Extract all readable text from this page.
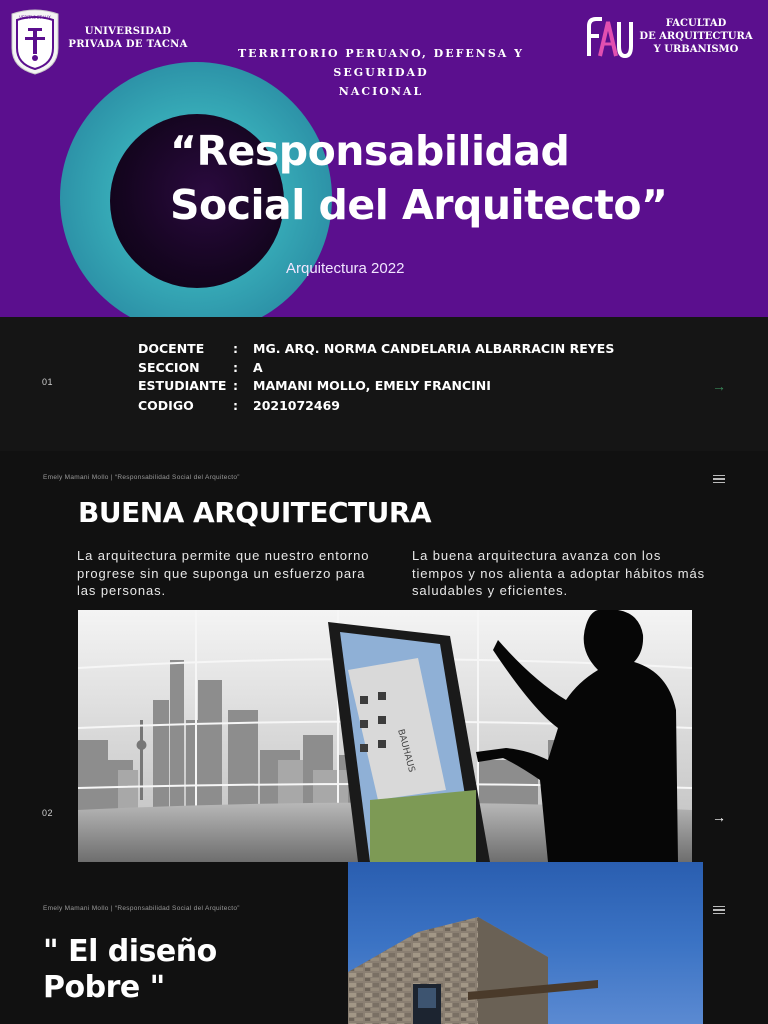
VERITAS ET LUX
UNIVERSIDAD
PRIVADA DE TACNA
TERRITORIO PERUANO, DEFENSA Y SEGURIDAD
NACIONAL
FACULTAD
DE ARQUITECTURA
Y URBANISMO
“Responsabilidad
Social del Arquitecto”
Arquitectura 2022
01
DOCENTE : MG. ARQ. NORMA CANDELARIA ALBARRACIN REYES
SECCION	: A
ESTUDIANTE : MAMANI MOLLO, EMELY FRANCINI
CODIGO	: 2021072469
→
Emely Mamani Mollo | “Responsabilidad Social del Arquitecto”
BUENA ARQUITECTURA
La arquitectura permite que nuestro entorno progrese sin que suponga un esfuerzo para las personas.
La buena arquitectura avanza con los tiempos y nos alienta a adoptar hábitos más saludables y eficientes.
BAUHAUS
02	→
Emely Mamani Mollo | “Responsabilidad Social del Arquitecto”
" El diseño
Pobre "
